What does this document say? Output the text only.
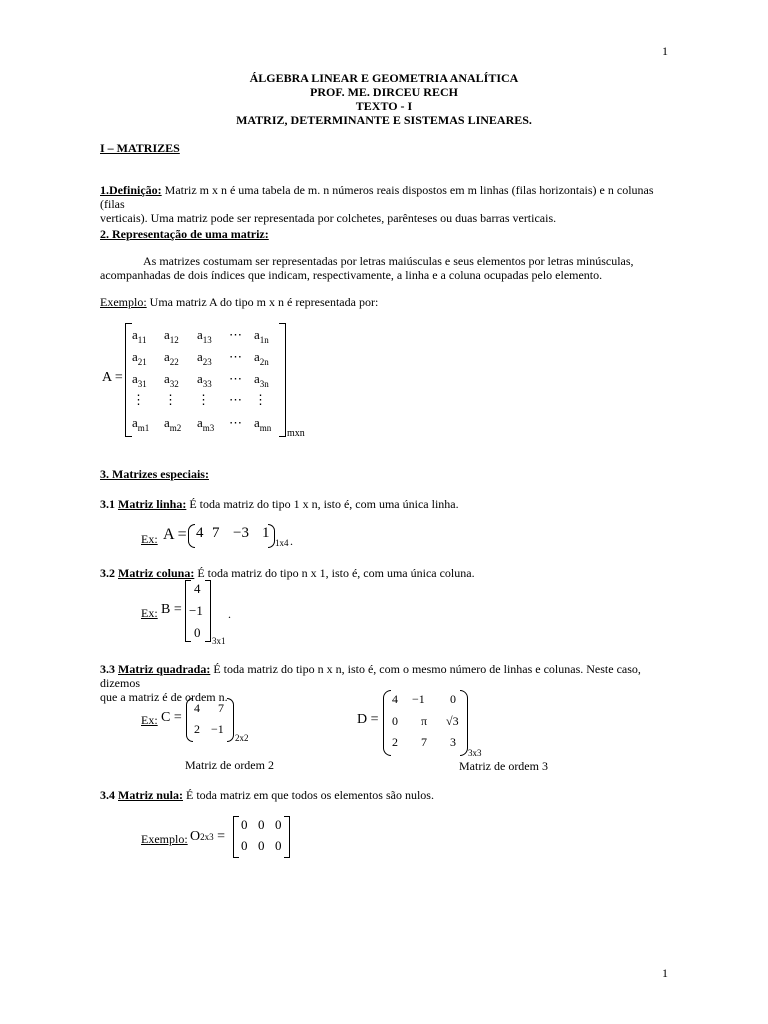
1
1
ÁLGEBRA LINEAR E GEOMETRIA ANALÍTICA
PROF. ME. DIRCEU RECH
TEXTO - I
MATRIZ, DETERMINANTE E SISTEMAS LINEARES.
I – MATRIZES
1.Definição: Matriz m x n é uma tabela de m. n números reais dispostos em m linhas (filas horizontais) e n colunas (filas
verticais). Uma matriz pode ser representada por colchetes, parênteses ou duas barras verticais.
2. Representação de uma matriz:
As matrizes costumam ser representadas por letras maiúsculas e seus elementos por letras minúsculas,
acompanhadas de dois índices que indicam, respectivamente, a linha e a coluna ocupadas pelo elemento.
Exemplo: Uma matriz A do tipo m x n é representada por:
A =
$a_{11}$ $a_{12}$ $a_{13}$ ⋯ $a_{1n}$
$a_{21}$ $a_{22}$ $a_{23}$ ⋯ $a_{2n}$
$a_{31}$ $a_{32}$ $a_{33}$ ⋯ $a_{3n}$
⋮ ⋮ ⋮ ⋯ ⋮
$a_{m1}$ $a_{m2}$ $a_{m3}$ ⋯ $a_{mn}$ mxn
3. Matrizes especiais:
3.1 Matriz linha: É toda matriz do tipo 1 x n, isto é, com uma única linha.
Ex: A = 4 7 −3 1
1x4 .
3.2 Matriz coluna: É toda matriz do tipo n x 1, isto é, com uma única coluna.
Ex: B =
4
−1
0
3x1
.
3.3 Matriz quadrada: É toda matriz do tipo n x n, isto é, com o mesmo número de linhas e colunas. Neste caso, dizemos
que a matriz é de ordem n.
Ex: C =
4 7
2 −1
2x2
Matriz de ordem 2
D =
4 −1 0
0 π √3
2 7 3
3x3
Matriz de ordem 3
3.4 Matriz nula: É toda matriz em que todos os elementos são nulos.
Exemplo: O2x3 =
0 0 0
0 0 0
